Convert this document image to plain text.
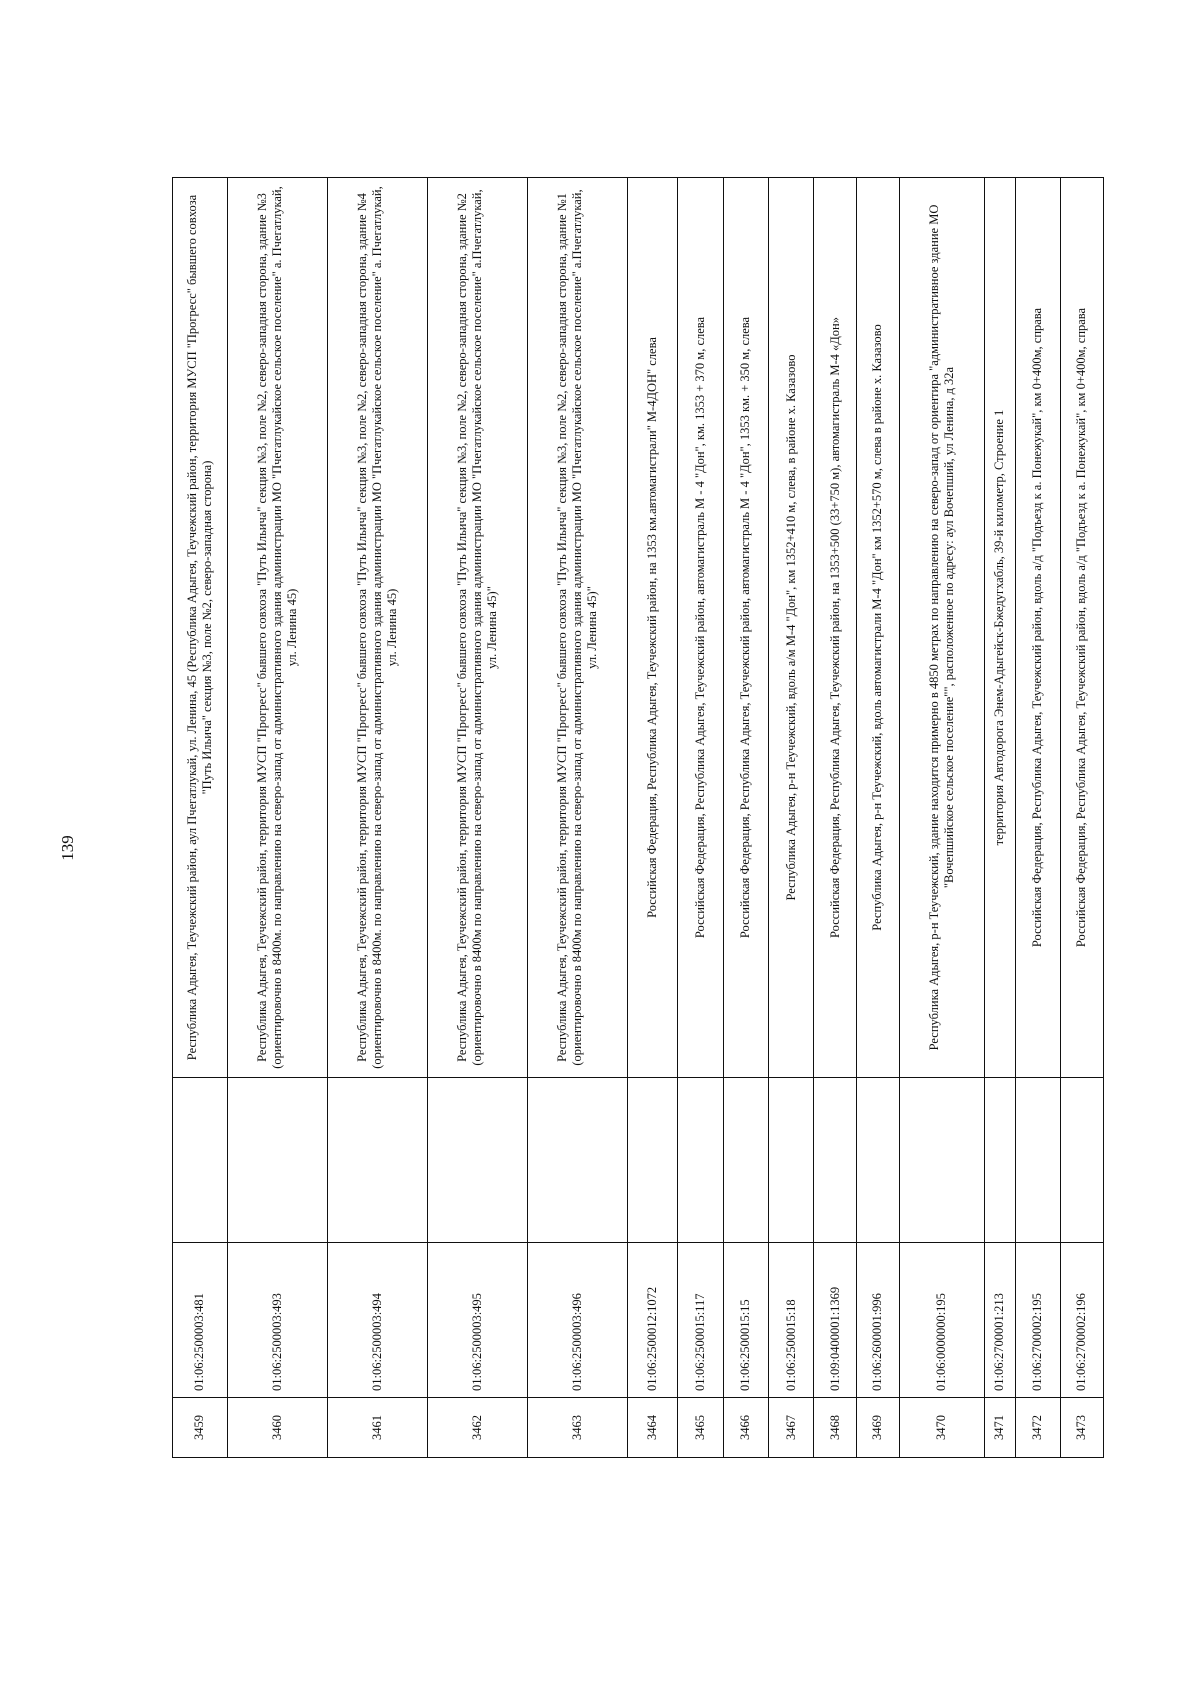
139
3459	01:06:2500003:481		Республика Адыгея, Теучежский район, аул Пчегатлукай, ул. Ленина, 45 (Республика Адыгея, Теучежский район, территория МУСП "Прогресс" бывшего совхоза "Путь Ильича" секция №3, поле №2, северо-западная сторона)
3460	01:06:2500003:493		Республика Адыгея, Теучежский район, территория МУСП "Прогресс" бывшего совхоза "Путь Ильича" секция №3, поле №2, северо-западная сторона, здание №3 (ориентировочно в 8400м. по направлению на северо-запад от административного здания администрации МО "Пчегатлукайское сельское поселение" а. Пчегатлукай, ул. Ленина 45)
3461	01:06:2500003:494		Республика Адыгея, Теучежский район, территория МУСП "Прогресс" бывшего совхоза "Путь Ильича" секция №3, поле №2, северо-западная сторона, здание №4 (ориентировочно в 8400м. по направлению на северо-запад от административного здания администрации МО "Пчегатлукайское сельское поселение" а. Пчегатлукай, ул. Ленина 45)
3462	01:06:2500003:495		Республика Адыгея, Теучежский район, территория МУСП "Прогресс" бывшего совхоза "Путь Ильича" секция №3, поле №2, северо-западная сторона, здание №2 (ориентировочно в 8400м по направлению на северо-запад от административного здания администрации МО "Пчегатлукайское сельское поселение" а.Пчегатлукай, ул. Ленина 45)"
3463	01:06:2500003:496		Республика Адыгея, Теучежский район, территория МУСП "Прогресс" бывшего совхоза "Путь Ильича" секция №3, поле №2, северо-западная сторона, здание №1 (ориентировочно в 8400м по направлению на северо-запад от административного здания администрации МО "Пчегатлукайское сельское поселение" а.Пчегатлукай, ул. Ленина 45)"
3464	01:06:2500012:1072		Российская Федерация, Республика Адыгея, Теучежский район, на 1353 км.автомагистрали" М-4ДОН" слева
3465	01:06:2500015:117		Российская Федерация, Республика Адыгея, Теучежский район, автомагистраль М - 4 "Дон", км. 1353 + 370 м, слева
3466	01:06:2500015:15		Российская Федерация, Республика Адыгея, Теучежский район, автомагистраль М - 4 "Дон", 1353 км. + 350 м, слева
3467	01:06:2500015:18		Республика Адыгея, р-н Теучежский, вдоль а/м М-4 "Дон", км 1352+410 м, слева, в районе х. Казазово
3468	01:09:0400001:1369		Российская Федерация, Республика Адыгея, Теучежский район, на 1353+500 (33+750 м), автомагистраль М-4 «Дон»
3469	01:06:2600001:996		Республика Адыгея, р-н Теучежский, вдоль автомагистрали М-4 "Дон" км 1352+570 м, слева в районе х. Казазово
3470	01:06:0000000:195		Республика Адыгея, р-н Теучежский, здание находится примерно в 4850 метрах по направлению на северо-запад от ориентира "административное здание МО "Вочепшийское сельское поселение"", расположенное по адресу: аул Вочепший, ул Ленина, д 32а
3471	01:06:2700001:213		территория Автодорога Энем-Адыгейск-Бжедугхабль, 39-й километр, Строение 1
3472	01:06:2700002:195		Российская Федерация, Республика Адыгея, Теучежский район, вдоль а/д "Подъезд к а. Понежукай", км 0+400м, справа
3473	01:06:2700002:196		Российская Федерация, Республика Адыгея, Теучежский район, вдоль а/д "Подъезд к а. Понежукай", км 0+400м, справа
